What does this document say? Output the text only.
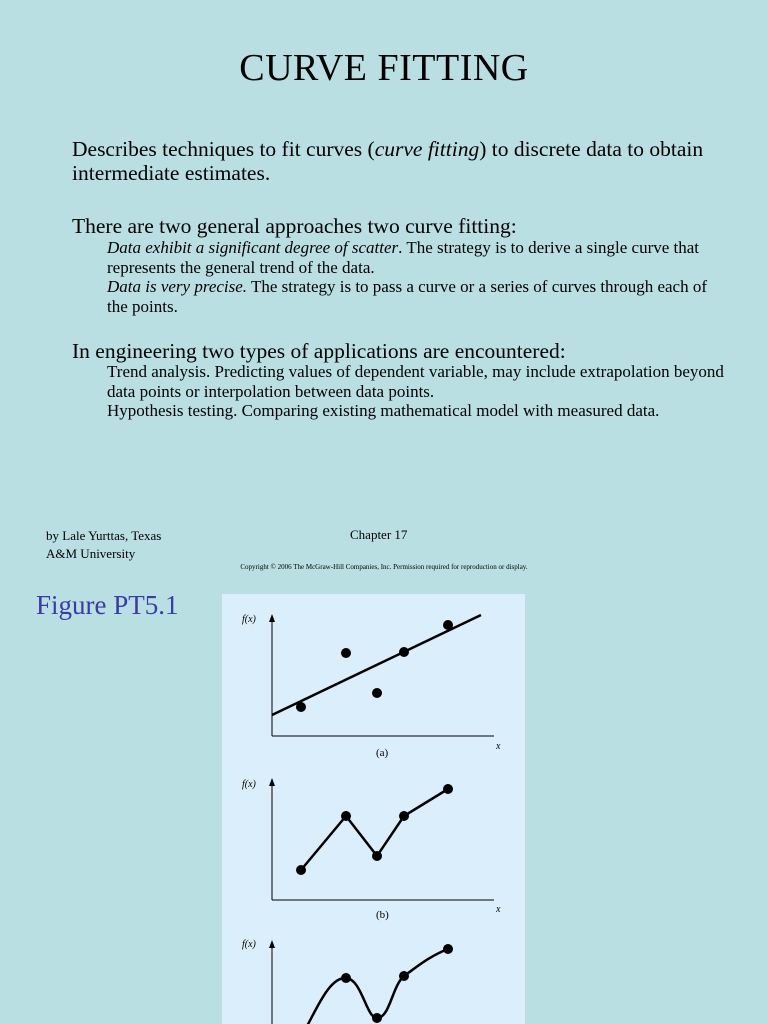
CURVE FITTING
Describes techniques to fit curves (curve fitting) to discrete data to obtain intermediate estimates.
There are two general approaches two curve fitting:

Data exhibit a significant degree of scatter. The strategy is to derive a single curve that represents the general trend of the data.

Data is very precise. The strategy is to pass a curve or a series of curves through each of the points.

In engineering two types of applications are encountered:

Trend analysis. Predicting values of dependent variable, may include extrapolation beyond data points or interpolation between data points.

Hypothesis testing. Comparing existing mathematical model with measured data.

by Lale Yurttas, Texas
A&M University
Chapter 17
Copyright © 2006 The McGraw-Hill Companies, Inc. Permission required for reproduction or display.
Figure PT5.1	f(x)
x
(a)
f(x)
x
(b)
f(x)
